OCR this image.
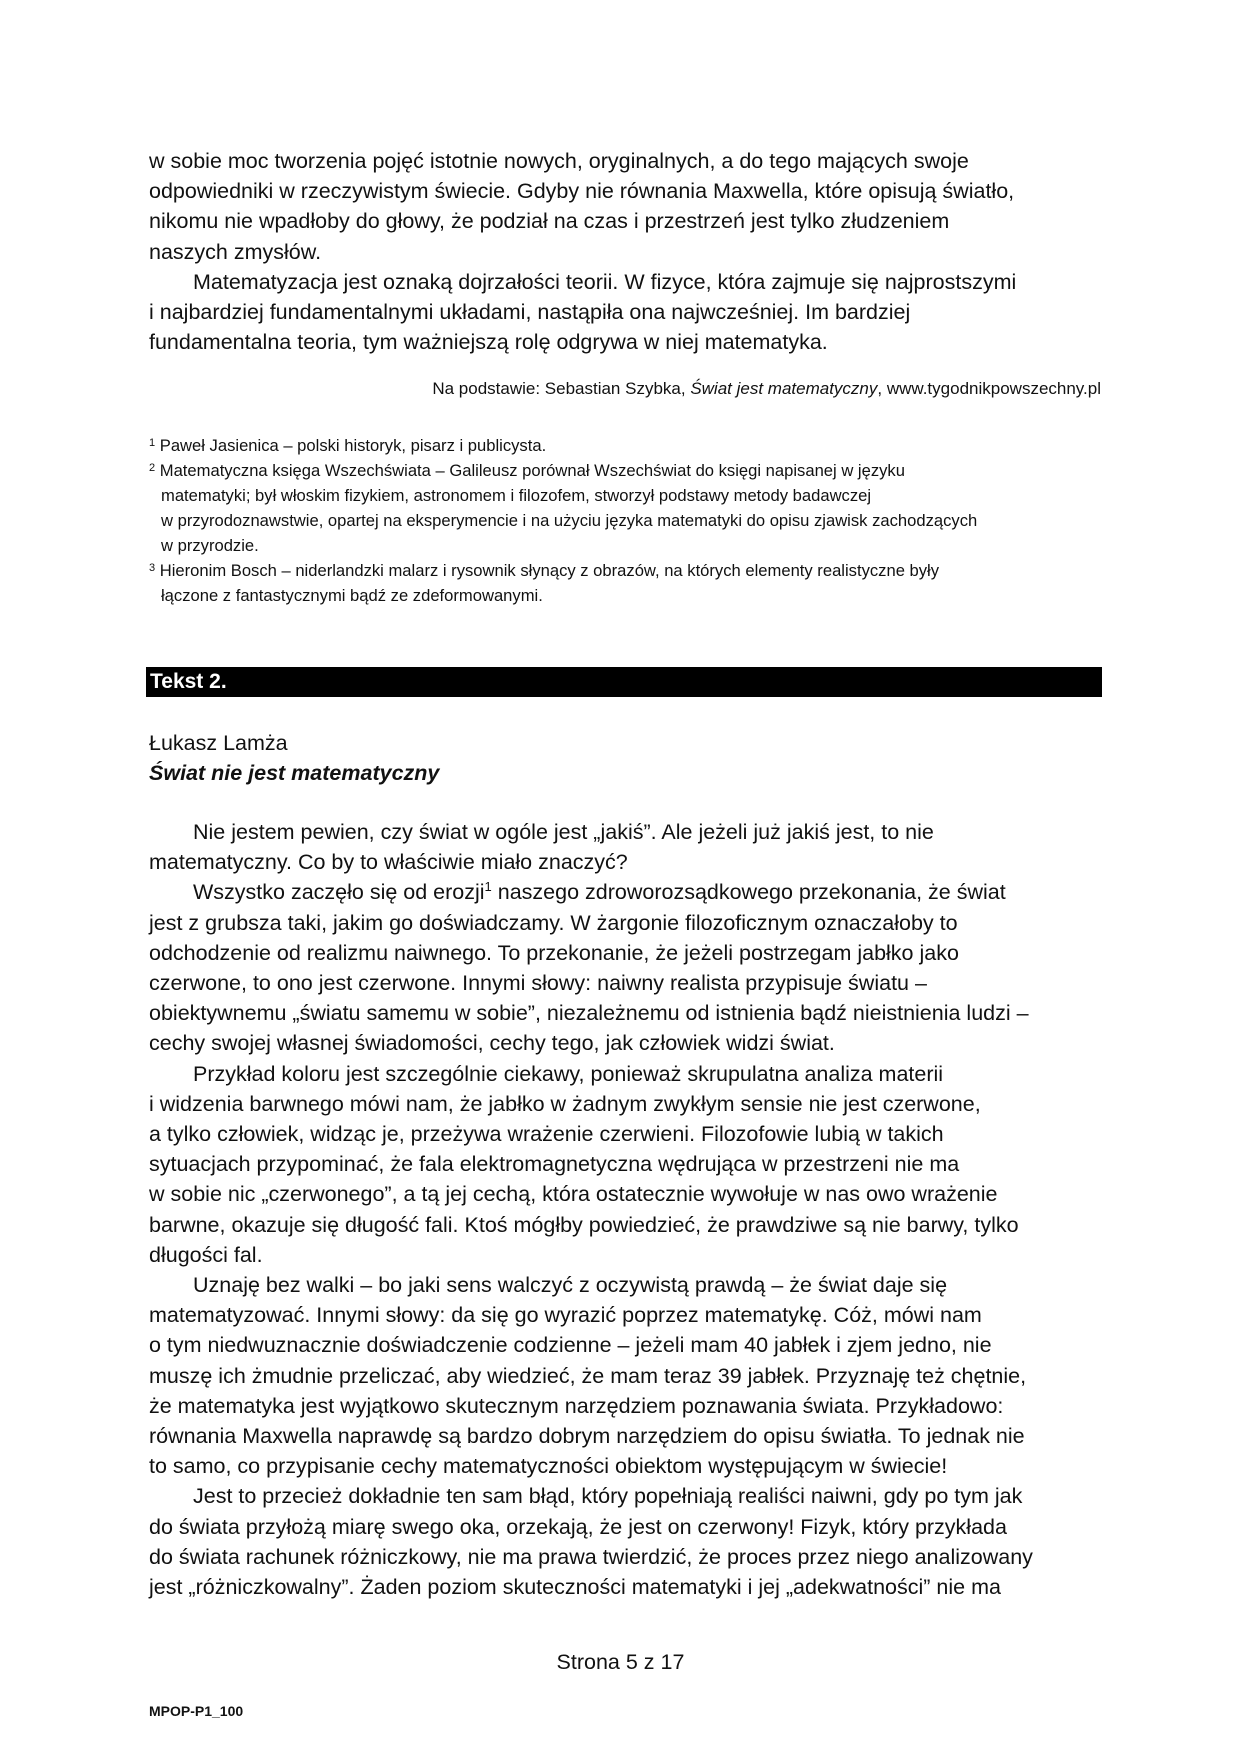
w sobie moc tworzenia pojęć istotnie nowych, oryginalnych, a do tego mających swoje
odpowiedniki w rzeczywistym świecie. Gdyby nie równania Maxwella, które opisują światło,
nikomu nie wpadłoby do głowy, że podział na czas i przestrzeń jest tylko złudzeniem
naszych zmysłów.

Matematyzacja jest oznaką dojrzałości teorii. W fizyce, która zajmuje się najprostszymi
i najbardziej fundamentalnymi układami, nastąpiła ona najwcześniej. Im bardziej
fundamentalna teoria, tym ważniejszą rolę odgrywa w niej matematyka.

Na podstawie: Sebastian Szybka, Świat jest matematyczny, www.tygodnikpowszechny.pl
$^1$ Paweł Jasienica – polski historyk, pisarz i publicysta.
$^2$ Matematyczna księga Wszechświata – Galileusz porównał Wszechświat do księgi napisanej w języku
matematyki; był włoskim fizykiem, astronomem i filozofem, stworzył podstawy metody badawczej
w przyrodoznawstwie, opartej na eksperymencie i na użyciu języka matematyki do opisu zjawisk zachodzących
w przyrodzie.
$^3$ Hieronim Bosch – niderlandzki malarz i rysownik słynący z obrazów, na których elementy realistyczne były
łączone z fantastycznymi bądź ze zdeformowanymi.
Tekst 2.
Łukasz Lamża
Świat nie jest matematyczny

Nie jestem pewien, czy świat w ogóle jest „jakiś”. Ale jeżeli już jakiś jest, to nie
matematyczny. Co by to właściwie miało znaczyć?

Wszystko zaczęło się od erozji$^1$ naszego zdroworozsądkowego przekonania, że świat
jest z grubsza taki, jakim go doświadczamy. W żargonie filozoficznym oznaczałoby to
odchodzenie od realizmu naiwnego. To przekonanie, że jeżeli postrzegam jabłko jako
czerwone, to ono jest czerwone. Innymi słowy: naiwny realista przypisuje światu –
obiektywnemu „światu samemu w sobie”, niezależnemu od istnienia bądź nieistnienia ludzi –
cechy swojej własnej świadomości, cechy tego, jak człowiek widzi świat.

Przykład koloru jest szczególnie ciekawy, ponieważ skrupulatna analiza materii
i widzenia barwnego mówi nam, że jabłko w żadnym zwykłym sensie nie jest czerwone,
a tylko człowiek, widząc je, przeżywa wrażenie czerwieni. Filozofowie lubią w takich
sytuacjach przypominać, że fala elektromagnetyczna wędrująca w przestrzeni nie ma
w sobie nic „czerwonego”, a tą jej cechą, która ostatecznie wywołuje w nas owo wrażenie
barwne, okazuje się długość fali. Ktoś mógłby powiedzieć, że prawdziwe są nie barwy, tylko
długości fal.

Uznaję bez walki – bo jaki sens walczyć z oczywistą prawdą – że świat daje się
matematyzować. Innymi słowy: da się go wyrazić poprzez matematykę. Cóż, mówi nam
o tym niedwuznacznie doświadczenie codzienne – jeżeli mam 40 jabłek i zjem jedno, nie
muszę ich żmudnie przeliczać, aby wiedzieć, że mam teraz 39 jabłek. Przyznaję też chętnie,
że matematyka jest wyjątkowo skutecznym narzędziem poznawania świata. Przykładowo:
równania Maxwella naprawdę są bardzo dobrym narzędziem do opisu światła. To jednak nie
to samo, co przypisanie cechy matematyczności obiektom występującym w świecie!

Jest to przecież dokładnie ten sam błąd, który popełniają realiści naiwni, gdy po tym jak
do świata przyłożą miarę swego oka, orzekają, że jest on czerwony! Fizyk, który przykłada
do świata rachunek różniczkowy, nie ma prawa twierdzić, że proces przez niego analizowany
jest „różniczkowalny”. Żaden poziom skuteczności matematyki i jej „adekwatności” nie ma

Strona 5 z 17
MPOP-P1_100
